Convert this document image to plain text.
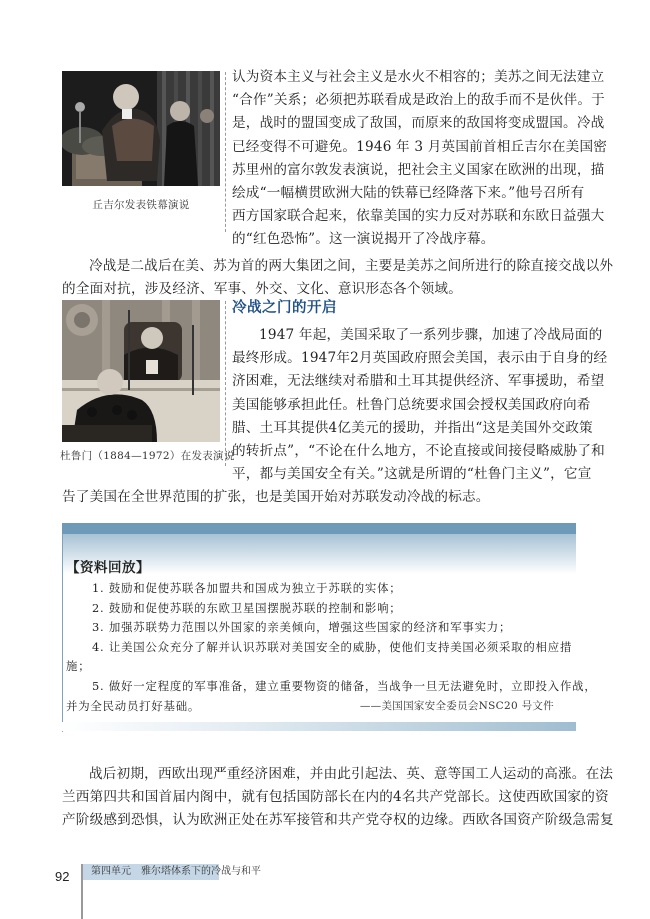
丘吉尔发表铁幕演说
认为资本主义与社会主义是水火不相容的；美苏之间无法建立
“合作”关系；必须把苏联看成是政治上的敌手而不是伙伴。于
是，战时的盟国变成了敌国，而原来的敌国将变成盟国。冷战
已经变得不可避免。1946 年 3 月英国前首相丘吉尔在美国密
苏里州的富尔敦发表演说，把社会主义国家在欧洲的出现，描
绘成“一幅横贯欧洲大陆的铁幕已经降落下来。”他号召所有
西方国家联合起来，依靠美国的实力反对苏联和东欧日益强大
的“红色恐怖”。这一演说揭开了冷战序幕。
冷战是二战后在美、苏为首的两大集团之间，主要是美苏之间所进行的除直接交战以外
的全面对抗，涉及经济、军事、外交、文化、意识形态各个领域。
冷战之门的开启
杜鲁门（1884—1972）在发表演说
1947 年起，美国采取了一系列步骤，加速了冷战局面的
最终形成。1947年2月英国政府照会美国，表示由于自身的经
济困难，无法继续对希腊和土耳其提供经济、军事援助，希望
美国能够承担此任。杜鲁门总统要求国会授权美国政府向希
腊、土耳其提供4亿美元的援助，并指出“这是美国外交政策
的转折点”，“不论在什么地方，不论直接或间接侵略威胁了和
平，都与美国安全有关。”这就是所谓的“杜鲁门主义”，它宣
告了美国在全世界范围的扩张，也是美国开始对苏联发动冷战的标志。
【资料回放】
1. 鼓励和促使苏联各加盟共和国成为独立于苏联的实体；
2. 鼓励和促使苏联的东欧卫星国摆脱苏联的控制和影响；
3. 加强苏联势力范围以外国家的亲美倾向，增强这些国家的经济和军事实力；
4. 让美国公众充分了解并认识苏联对美国安全的威胁，使他们支持美国必须采取的相应措
施；
5. 做好一定程度的军事准备，建立重要物资的储备，当战争一旦无法避免时，立即投入作战，
并为全民动员打好基础。	——美国国家安全委员会NSC20 号文件
战后初期，西欧出现严重经济困难，并由此引起法、英、意等国工人运动的高涨。在法
兰西第四共和国首届内阁中，就有包括国防部长在内的4名共产党部长。这使西欧国家的资
产阶级感到恐惧，认为欧洲正处在苏军接管和共产党夺权的边缘。西欧各国资产阶级急需复
92	第四单元 雅尔塔体系下的冷战与和平
